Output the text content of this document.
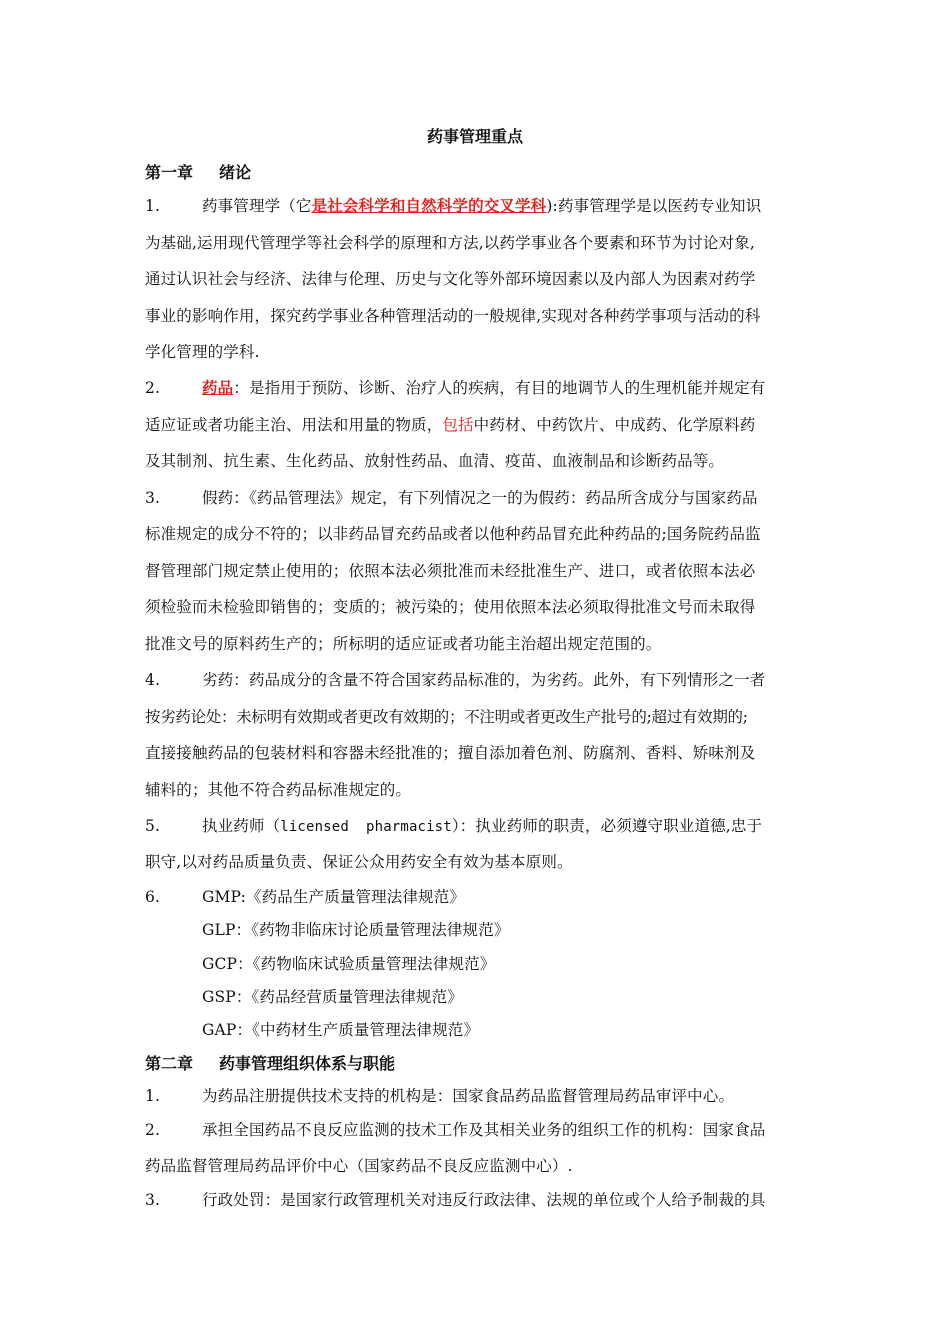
药事管理重点
第一章 绪论
1.	药事管理学（它是社会科学和自然科学的交叉学科):药事管理学是以医药专业知识
为基础,运用现代管理学等社会科学的原理和方法,以药学事业各个要素和环节为讨论对象,
通过认识社会与经济、法律与伦理、历史与文化等外部环境因素以及内部人为因素对药学
事业的影响作用，探究药学事业各种管理活动的一般规律,实现对各种药学事项与活动的科
学化管理的学科.
2.	药品：是指用于预防、诊断、治疗人的疾病，有目的地调节人的生理机能并规定有
适应证或者功能主治、用法和用量的物质，包括中药材、中药饮片、中成药、化学原料药
及其制剂、抗生素、生化药品、放射性药品、血清、疫苗、血液制品和诊断药品等。
3.	假药：《药品管理法》规定，有下列情况之一的为假药：药品所含成分与国家药品
标准规定的成分不符的；以非药品冒充药品或者以他种药品冒充此种药品的;国务院药品监
督管理部门规定禁止使用的；依照本法必须批准而未经批准生产、进口，或者依照本法必
须检验而未检验即销售的；变质的；被污染的；使用依照本法必须取得批准文号而未取得
批准文号的原料药生产的；所标明的适应证或者功能主治超出规定范围的。
4.	劣药：药品成分的含量不符合国家药品标准的，为劣药。此外，有下列情形之一者
按劣药论处：未标明有效期或者更改有效期的；不注明或者更改生产批号的;超过有效期的;
直接接触药品的包装材料和容器未经批准的；擅自添加着色剂、防腐剂、香料、矫味剂及
辅料的；其他不符合药品标准规定的。
5.	执业药师（licensed  pharmacist）：执业药师的职责，必须遵守职业道德,忠于
职守,以对药品质量负责、保证公众用药安全有效为基本原则。
6.	GMP:《药品生产质量管理法律规范》
GLP：《药物非临床讨论质量管理法律规范》
GCP：《药物临床试验质量管理法律规范》
GSP：《药品经营质量管理法律规范》
GAP：《中药材生产质量管理法律规范》
第二章 药事管理组织体系与职能
1.	为药品注册提供技术支持的机构是：国家食品药品监督管理局药品审评中心。
2.	承担全国药品不良反应监测的技术工作及其相关业务的组织工作的机构：国家食品
药品监督管理局药品评价中心（国家药品不良反应监测中心）.
3.	行政处罚：是国家行政管理机关对违反行政法律、法规的单位或个人给予制裁的具
